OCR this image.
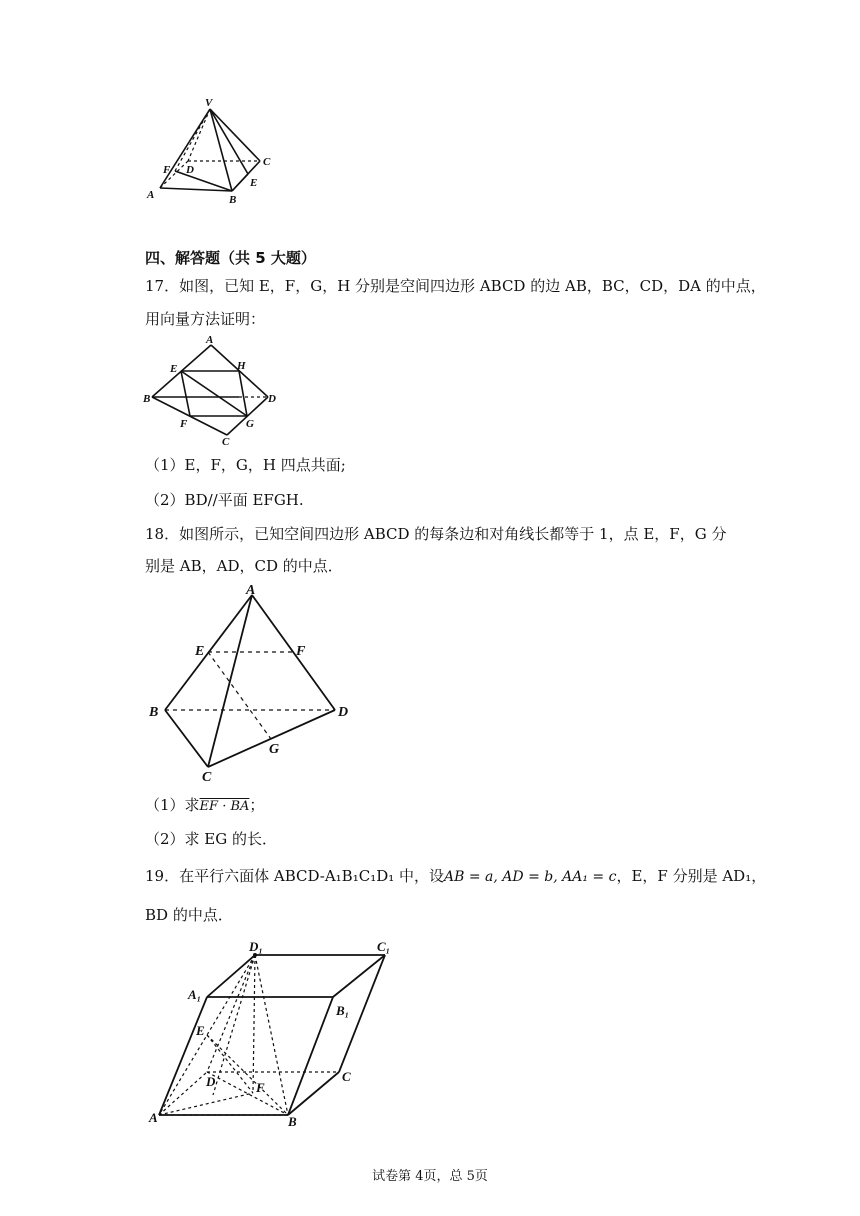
V
F D
C
E
A	B
四、解答题（共 5 大题）
17．如图，已知 E，F，G，H 分别是空间四边形 ABCD 的边 AB，BC，CD，DA 的中点，
用向量方法证明：
A
E	H
B	D
F	G
C
（1）E，F，G，H 四点共面;
（2）BD//平面 EFGH.
18．如图所示，已知空间四边形 ABCD 的每条边和对角线长都等于 1，点 E，F，G 分
别是 AB，AD，CD 的中点．
A
E	F
B	D
G
C
（1）求EF · BA；
（2）求 EG 的长．
19．在平行六面体 ABCD-A₁B₁C₁D₁ 中，设AB = a, AD = b, AA₁ = c，E，F 分别是 AD₁，
BD 的中点．
D₁	C₁
A₁
B₁
E
D	F
C
A	B
试卷第 4页，总 5页
